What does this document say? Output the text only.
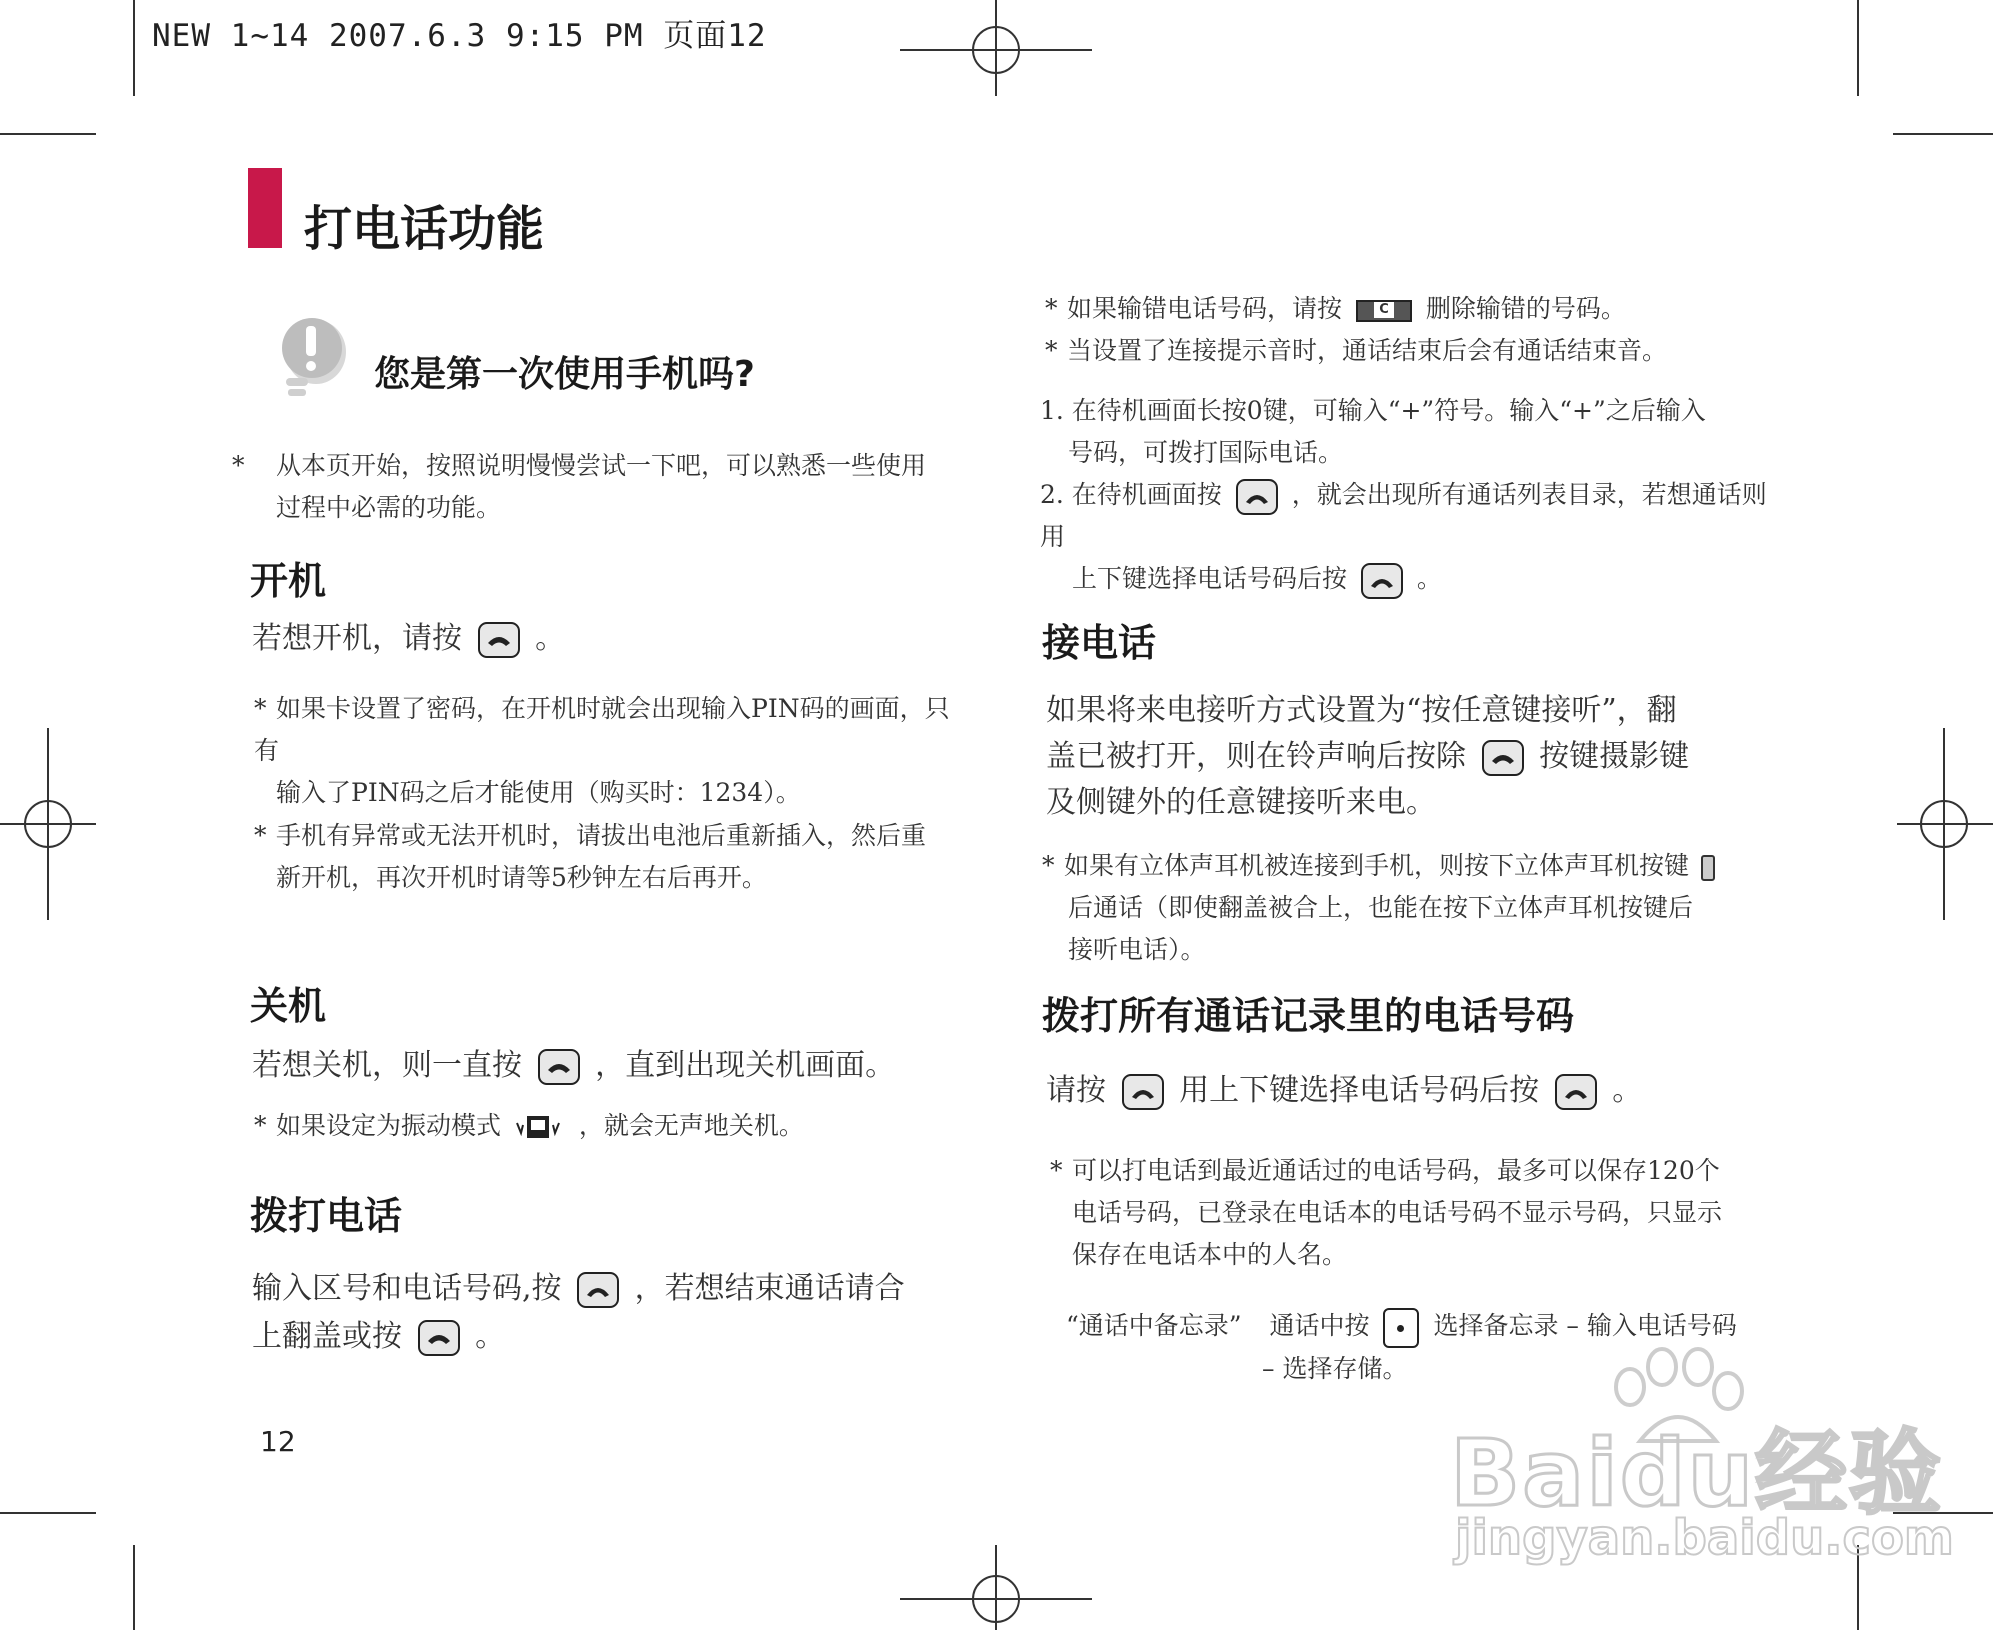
NEW 1~14 2007.6.3 9:15 PM 页面12
打电话功能
您是第一次使用手机吗?
* 从本页开始，按照说明慢慢尝试一下吧，可以熟悉一些使用
过程中必需的功能。
开机
若想开机，请按 。
* 如果卡设置了密码，在开机时就会出现输入PIN码的画面，只有
输入了PIN码之后才能使用（购买时：1234）。
* 手机有异常或无法开机时，请拔出电池后重新插入，然后重
新开机，再次开机时请等5秒钟左右后再开。
关机
若想关机，则一直按 ，直到出现关机画面。
* 如果设定为振动模式	，就会无声地关机。
拨打电话
输入区号和电话号码,按 ，若想结束通话请合
上翻盖或按 。
12
* 如果输错电话号码，请按	C 删除输错的号码。
* 当设置了连接提示音时，通话结束后会有通话结束音。
1. 在待机画面长按0键，可输入“+”符号。输入“+”之后输入
号码，可拨打国际电话。
2. 在待机画面按	，就会出现所有通话列表目录，若想通话则用
上下键选择电话号码后按	。
接电话
如果将来电接听方式设置为“按任意键接听”，翻
盖已被打开，则在铃声响后按除 按键摄影键
及侧键外的任意键接听来电。
* 如果有立体声耳机被连接到手机，则按下立体声耳机按键
后通话（即使翻盖被合上，也能在按下立体声耳机按键后
接听电话）。
拨打所有通话记录里的电话号码
请按 用上下键选择电话号码后按 。
* 可以打电话到最近通话过的电话号码，最多可以保存120个
电话号码，已登录在电话本的电话号码不显示号码，只显示
保存在电话本中的人名。
“通话中备忘录” 通话中按	选择备忘录 – 输入电话号码
– 选择存储。
Baidu经验
jingyan.baidu.com
